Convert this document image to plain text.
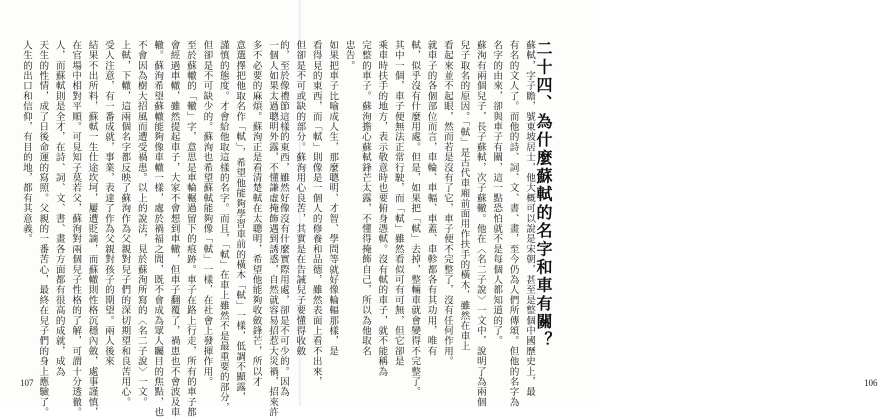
一個人如果太過聰明外露，不懂謙虛掩飾遇到誘惑，自然就容易招惹大災禍，招來許
多不必要的麻煩。蘇洵正是看清楚軾在太聰明，希望他能夠收斂鋒芒，所以才
意選擇把他取名作「軾」，希望他能夠學習車前的橫木「軾」一樣，低調不顯露，
謹慎的態度。才會給他取這樣的名字。而且，「軾」在車上雖然不是最重要的部分，
但卻是不可缺少的。蘇洵也希望蘇軾能夠像「軾」一樣，在社會上發揮作用。
至於蘇轍的「轍」字，意思是車輪輾過留下的痕跡。車子在路上行走，所有的車子都
會經過車轍，雖然提起車子，大家不會想到車轍，但車子翻覆了，禍患也不會波及車
轍。蘇洵希望蘇轍能夠像車轍一樣，處於禍福之間，既不會成為眾人矚目的焦點，也
不會因為樹大招風而遭受禍患。以上的說法，見於蘇洵所寫的〈名二子說〉一文。
上軾，下轍，這兩個名字都反映了蘇洵作為父親對兒子們的深切期望和良苦用心。
受人注意，有一番成就，事業，表達了作為父親對孩子的期望。兩人後來
結果不出所料，蘇軾一生仕途坎坷，屢遭貶謫，而蘇轍則性格沉穩內斂，處事謹慎，
在官場中相對平順。可見知子莫若父，蘇洵對兩個兒子性格的了解，可謂十分透徹。
人，而蘇軾則是全才，在詩、詞、文、書、畫各方面都有很高的成就，成為
天生的性情，成了日後命運的寫照。父親的一番苦心，最終在兒子們的身上應驗了。
人生的出口和信仰，有目的地，都有其意義。
107	蘇軾，字子瞻，號東坡居士，他大概可以說是宋朝，甚至是整個中國歷史上，最
有名的文人了。而他的詩、詞、文、書、畫，至今仍為人們所傳頌。但他的名字為
名字的由來，卻與車子有關，這一點恐怕就不是每個人都知道的了。
蘇洵有兩個兒子，長子蘇軾，次子蘇轍。他在〈名二子說〉一文中，說明了為兩個
兒子取名的原因。「軾」是古代車廂前面用作扶手的橫木，雖然在車上
看起來並不起眼，然而若是沒有了它，車子便不完整了，沒有任何作用。
就車子的各個部位而言，車輪、車輻、車蓋、車軫都各有其功用，唯有
軾，似乎沒有什麼用處。但是，如果把「軾」去掉，整輛車就會變得不完整了。
其中一個，車子便無法正常行駛，而「軾」雖然看似可有可無，但它卻是
乘車時扶手的地方，表示敬意時也要俯身憑軾。沒有軾的車子，就不能稱為
完整的車子。蘇洵擔心蘇軾鋒芒太露，不懂得掩飾自己，所以為他取名
忠告。
如果把車子比喻成人生，那麼聰明、才智、學問等就好像輪輻那樣，是
看得見的東西，而「軾」則像是一個人的修養和品德，雖然表面上看不出來，
但卻是不可或缺的部分。蘇洵用心良苦，其實是在告誡兒子要懂得收斂
的，至於像禮節這樣的東西，雖然好像沒有什麼實際用處，卻是不可少的。因為	106
二十四、為什麼蘇軾的名字和車有關？
